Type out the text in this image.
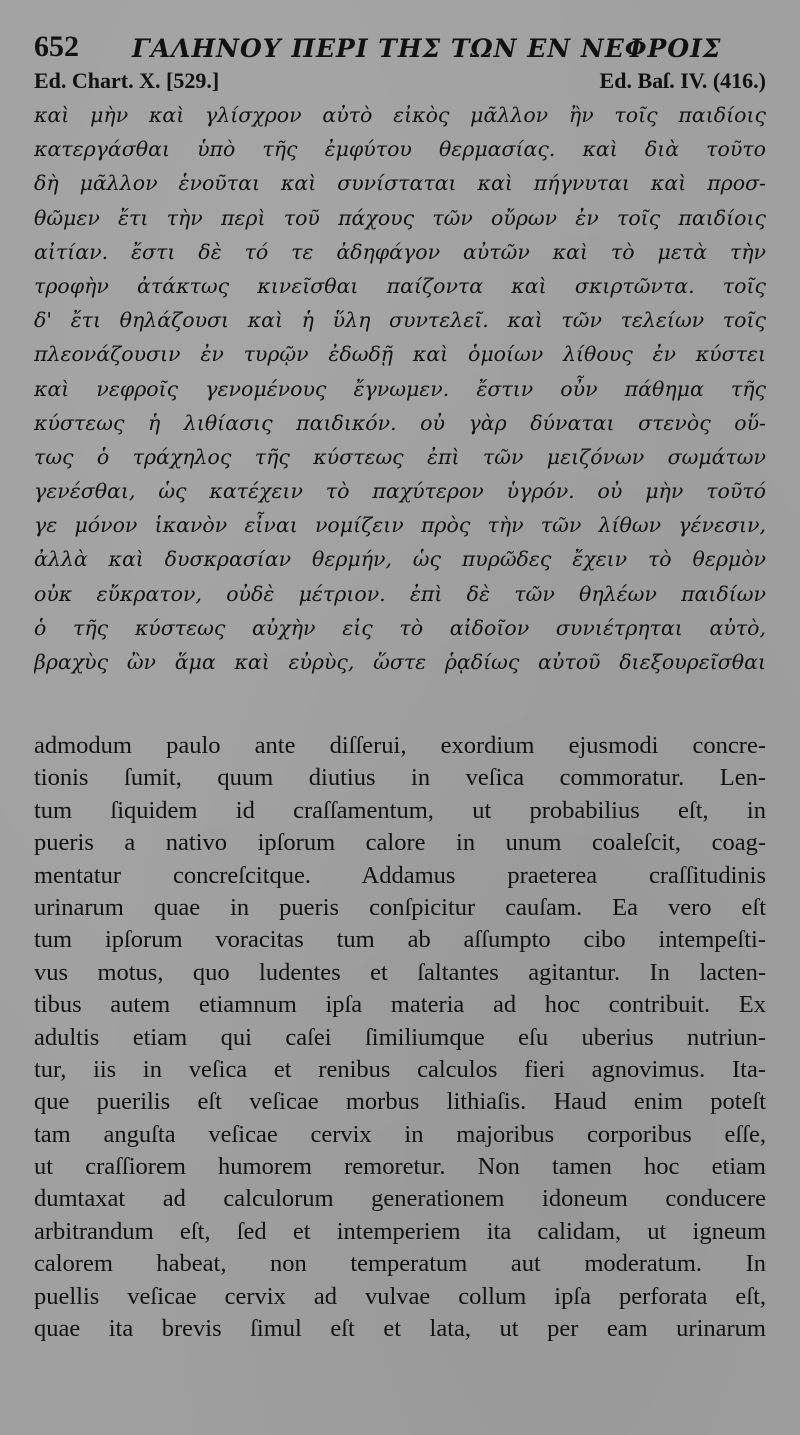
652 ΓΑΛΗΝΟΥ ΠΕΡΙ ΤΗΣ ΤΩΝ ΕΝ ΝΕΦΡΟΙΣ
Ed. Chart. X. [529.]	Ed. Baſ. IV. (416.)
καὶ μὴν καὶ γλίσχρον αὐτὸ εἰκὸς μᾶλλον ἢν τοῖς παιδίοις
κατεργάσθαι ὑπὸ τῆς ἐμφύτου θερμασίας. καὶ διὰ τοῦτο
δὴ μᾶλλον ἑνοῦται καὶ συνίσταται καὶ πήγνυται καὶ προσ-
θῶμεν ἔτι τὴν περὶ τοῦ πάχους τῶν οὔρων ἐν τοῖς παιδίοις
αἰτίαν. ἔστι δὲ τό τε ἀδηφάγον αὐτῶν καὶ τὸ μετὰ τὴν
τροφὴν ἀτάκτως κινεῖσθαι παίζοντα καὶ σκιρτῶντα. τοῖς
δ' ἔτι θηλάζουσι καὶ ἡ ὕλη συντελεῖ. καὶ τῶν τελείων τοῖς
πλεονάζουσιν ἐν τυρῷν ἐδωδῇ καὶ ὁμοίων λίθους ἐν κύστει
καὶ νεφροῖς γενομένους ἔγνωμεν. ἔστιν οὖν πάθημα τῆς
κύστεως ἡ λιθίασις παιδικόν. οὐ γὰρ δύναται στενὸς οὕ-
τως ὁ τράχηλος τῆς κύστεως ἐπὶ τῶν μειζόνων σωμάτων
γενέσθαι, ὡς κατέχειν τὸ παχύτερον ὑγρόν. οὐ μὴν τοῦτό
γε μόνον ἱκανὸν εἶναι νομίζειν πρὸς τὴν τῶν λίθων γένεσιν,
ἀλλὰ καὶ δυσκρασίαν θερμήν, ὡς πυρῶδες ἔχειν τὸ θερμὸν
οὐκ εὔκρατον, οὐδὲ μέτριον. ἐπὶ δὲ τῶν θηλέων παιδίων
ὁ τῆς κύστεως αὐχὴν εἰς τὸ αἰδοῖον συνιέτρηται αὐτὸ,
βραχὺς ὢν ἅμα καὶ εὐρὺς, ὥστε ῥᾳδίως αὐτοῦ διεξουρεῖσθαι
admodum paulo ante diſſerui, exordium ejusmodi concre-
tionis ſumit, quum diutius in veſica commoratur. Len-
tum ſiquidem id craſſamentum, ut probabilius eſt, in
pueris a nativo ipſorum calore in unum coaleſcit, coag-
mentatur concreſcitque. Addamus praeterea craſſitudinis
urinarum quae in pueris conſpicitur cauſam. Ea vero eſt
tum ipſorum voracitas tum ab aſſumpto cibo intempeſti-
vus motus, quo ludentes et ſaltantes agitantur. In lacten-
tibus autem etiamnum ipſa materia ad hoc contribuit. Ex
adultis etiam qui caſei ſimiliumque eſu uberius nutriun-
tur, iis in veſica et renibus calculos fieri agnovimus. Ita-
que puerilis eſt veſicae morbus lithiaſis. Haud enim poteſt
tam anguſta veſicae cervix in majoribus corporibus eſſe,
ut craſſiorem humorem remoretur. Non tamen hoc etiam
dumtaxat ad calculorum generationem idoneum conducere
arbitrandum eſt, ſed et intemperiem ita calidam, ut igneum
calorem habeat, non temperatum aut moderatum. In
puellis veſicae cervix ad vulvae collum ipſa perforata eſt,
quae ita brevis ſimul eſt et lata, ut per eam urinarum
